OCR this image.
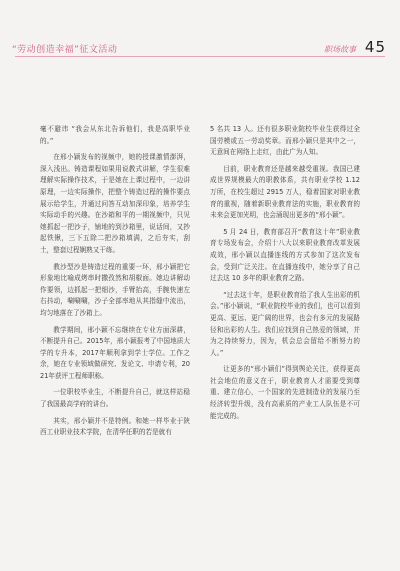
“劳动创造幸福”征文活动	职场故事 45

毫不避讳 “我会从东北告诉他们，我是高职毕业的。”

在邢小颖发布的视频中，她的授课激情澎湃，深入浅出。铸造课程如果用说教式讲解，学生很难理解实际操作技术，于是她在上课过程中，一边讲原理，一边实际操作，把整个铸造过程的操作要点展示给学生，并通过问答互动加深印象，培养学生实际动手的兴趣。在沙箱和平的一期视频中，只见她抓起一把沙子，铺地的到沙箱里，说话间，又抄起铁锹，三下五除二把沙箱填满，之后夯实，刮土，整套过程娴熟又干练。

教沙型沙是铸造过程的重要一环，邢小颖把它形象地比喻成烤串时撒孜然和胡椒面。她边讲解动作要领，边抓起一把细沙，手臂抬高，手腕快速左右抖动，唰唰唰，沙子全部率地从其指缝中流出，均匀地落在了沙箱上。

教学期间，邢小颖不忘继续在专业方面深耕，不断提升自己。2015年，邢小颖报考了中国地质大学的专升本，2017年顺利拿到学士学位。工作之余，她在专业领域做研究、发论文、申请专利，2021年获评工程师职称。

一位职校毕业生，不断提升自己，就这样站稳了我国最高学府的讲台。

其实，邢小颖并不是特例。和她一样毕业于陕西工业职业技术学院，在清华任职的若是就有

5 名共 13 人。还有很多职业院校毕业生获得过全国劳模或五一劳动奖章。而邢小颖只是其中之一，无意间在网络上走红，由此广为人知。

目前，职业教育还是越来越受重视。我国已建成世界规模最大的职教体系，共有职业学校 1.12 万所，在校生超过 2915 万人，稳着国家对职业教育的重视，随着新职业教育法的实施，职业教育的未来会更加光明，也会涌现出更多的“邢小颖”。

5 月 24 日，教育部召开“教育这十年”职业教育专场发布会，介绍十八大以来职业教育改革发展成效，邢小颖以直播连线的方式参加了这次发布会，受到广泛关注。在直播连线中，她分享了自己过去这 10 多年的职业教育之路。

“过去这十年，是职业教育给了我人生出彩的机会。”邢小颖说，“职业院校毕业的我们，也可以看到更高、更远、更广阔的世界，也会有多元的发展路径和出彩的人生。我们应找到自己热爱的领域，并为之持续努力，因为，机会总会留给不断努力的人。”

让更多的“邢小颖们”得到舆论关注，获得更高社会地位的意义在于，职业教育人才需要受到尊重、建立信心，一个国家的先进制造业的发展乃至经济转型升级，没有高素质的产业工人队伍是不可能完成的。
